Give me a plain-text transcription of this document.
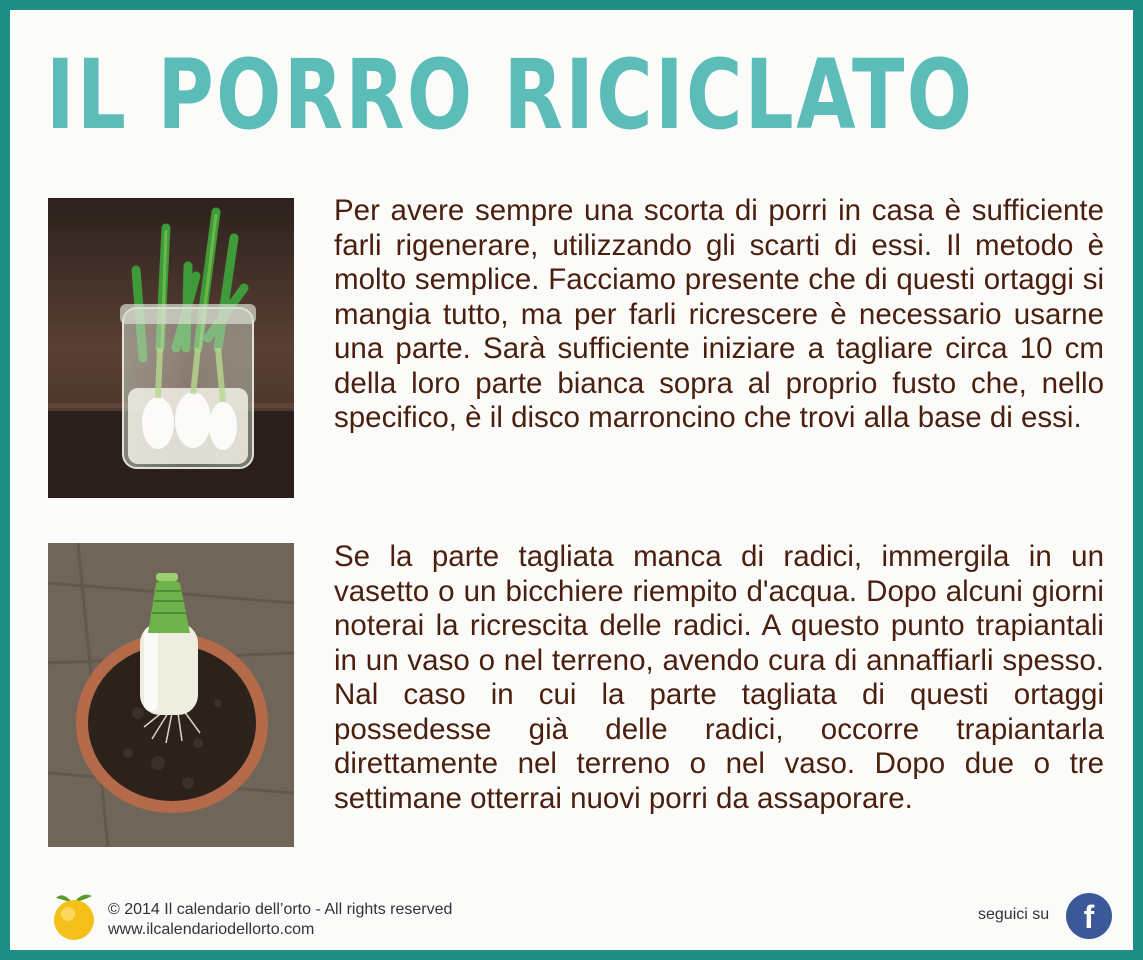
IL PORRO RICICLATO

Per avere sempre una scorta di porri in casa è sufficiente farli rigenerare, utilizzando gli scarti di essi. Il metodo è molto semplice. Facciamo presente che di questi ortaggi si mangia tutto, ma per farli ricrescere è necessario usarne una parte. Sarà sufficiente iniziare a tagliare circa 10 cm della loro parte bianca sopra al proprio fusto che, nello specifico, è il disco marroncino che trovi alla base di essi.

Se la parte tagliata manca di radici, immergila in un vasetto o un bicchiere riempito d'acqua. Dopo alcuni giorni noterai la ricrescita delle radici. A questo punto trapiantali in un vaso o nel terreno, avendo cura di annaffiarli spesso. Nal caso in cui la parte tagliata di questi ortaggi possedesse già delle radici, occorre trapiantarla direttamente nel terreno o nel vaso. Dopo due o tre settimane otterrai nuovi porri da assaporare.

© 2014 Il calendario dell’orto - All rights reserved
www.ilcalendariodellorto.com
seguici su f
